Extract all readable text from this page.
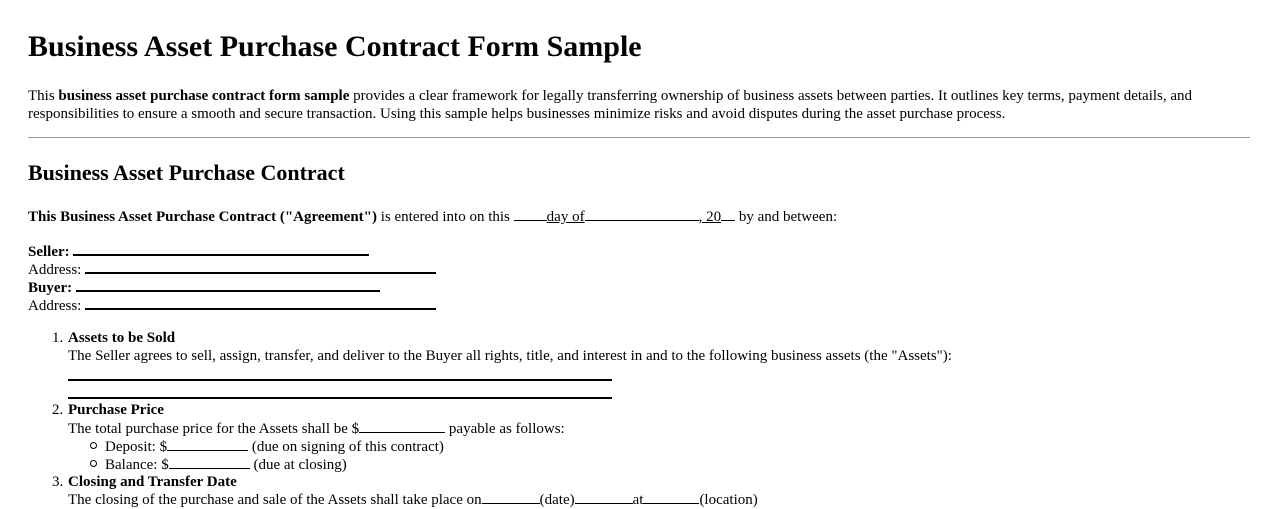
Business Asset Purchase Contract Form Sample

This business asset purchase contract form sample provides a clear framework for legally transferring ownership of business assets between parties. It outlines key terms, payment details, and responsibilities to ensure a smooth and secure transaction. Using this sample helps businesses minimize risks and avoid disputes during the asset purchase process.

Business Asset Purchase Contract
This Business Asset Purchase Contract ("Agreement") is entered into on this day of	, 20 by and between:
Seller:
Address:
Buyer:
Address:
1. Assets to be Sold
The Seller agrees to sell, assign, transfer, and deliver to the Buyer all rights, title, and interest in and to the following business assets (the "Assets"):
2. Purchase Price
The total purchase price for the Assets shall be $	payable as follows:
Deposit: $	(due on signing of this contract)
Balance: $	(due at closing)
3. Closing and Transfer Date
The closing of the purchase and sale of the Assets shall take place on	(date)	at	(location)
